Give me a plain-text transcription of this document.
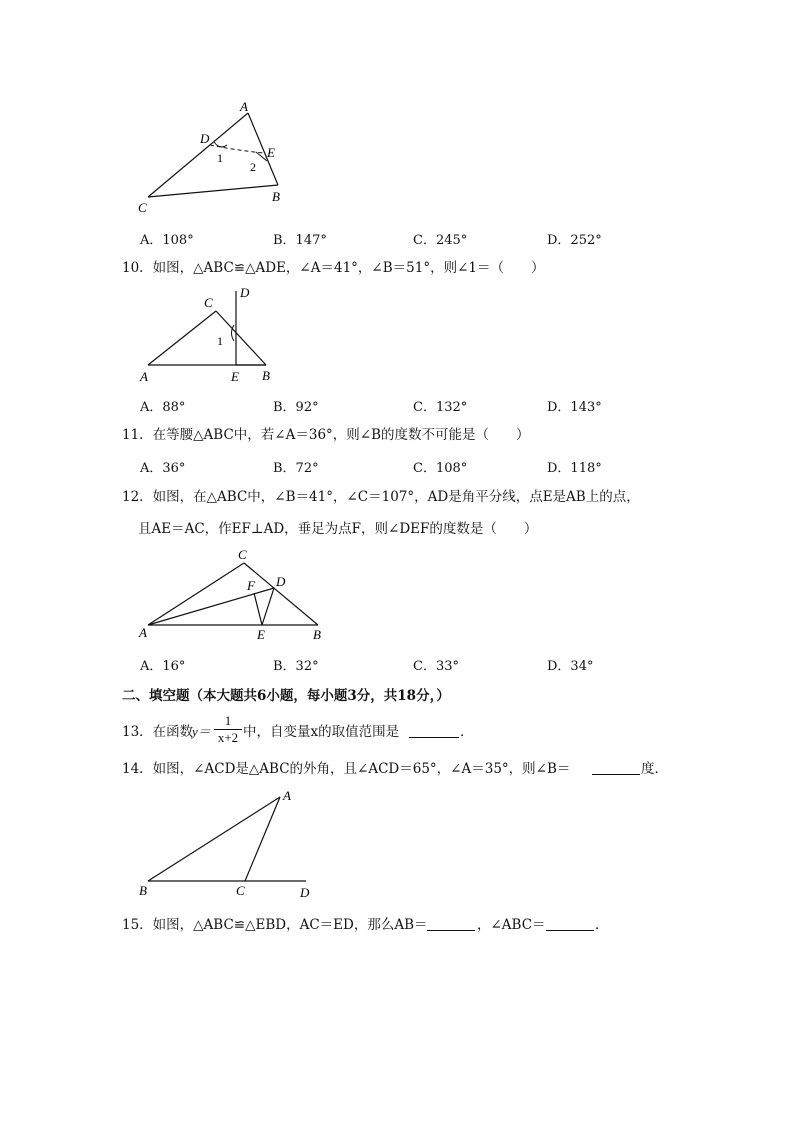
A
D
E
C
B
1
2
A．108°	B．147°	C．245°	D．252°
10．如图，△ABC≌△ADE，∠A＝41°，∠B＝51°，则∠1＝（　　）
C
D
1
A	E B
A．88°	B．92°	C．132°	D．143°
11．在等腰△ABC中，若∠A＝36°，则∠B的度数不可能是（　　）
A．36°	B．72°	C．108°	D．118°
12．如图，在△ABC中，∠B＝41°，∠C＝107°，AD是角平分线，点E是AB上的点，
且AE＝AC，作EF⊥AD，垂足为点F，则∠DEF的度数是（　　）
C
F D
A	E	B
A．16°	B．32°	C．33°	D．34°
二、填空题（本大题共6小题，每小题3分，共18分，）
13．在函数
y＝
1
x+2 中，自变量x的取值范围是	．
14．如图，∠ACD是△ABC的外角，且∠ACD＝65°，∠A＝35°，则∠B＝	度．
A
B	C	D
15．如图，△ABC≌△EBD，AC＝ED，那么AB＝	，∠ABC＝	．
